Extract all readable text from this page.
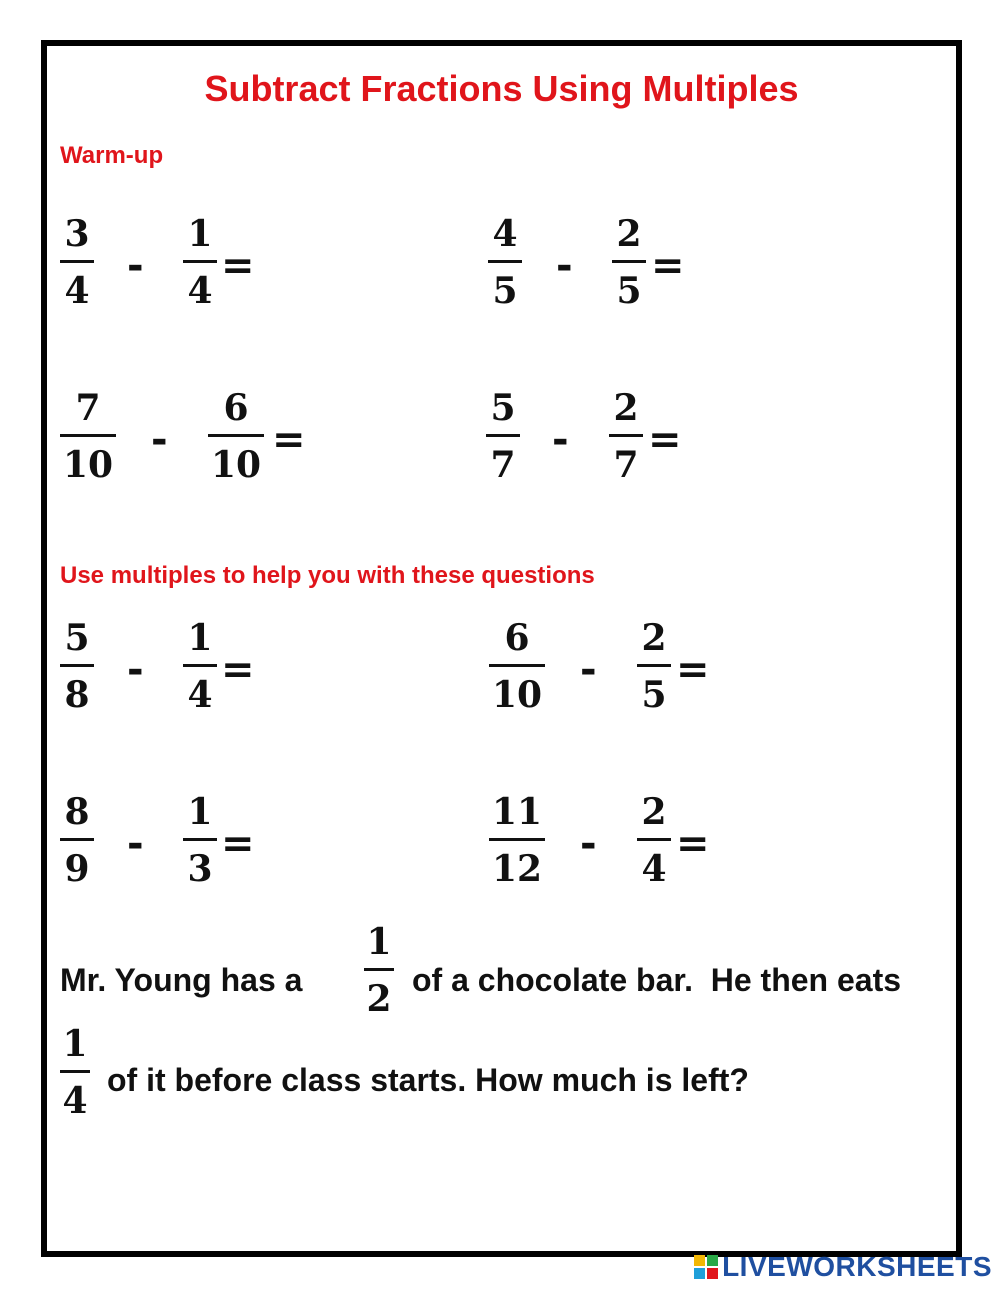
Subtract Fractions Using Multiples
Warm-up
3
4
-
1
4
=
4
5
-
2
5
=
7
10
-
6
10
=
5
7
-
2
7
=
Use multiples to help you with these questions
5
8
-
1
4
=
6
10
-
2
5
=
8
9
-
1
3
=
11
12
-
2
4
=
Mr. Young has a
1
2 of a chocolate bar.  He then eats
1
4 of it before class starts. How much is left?
LIVEWORKSHEETS
